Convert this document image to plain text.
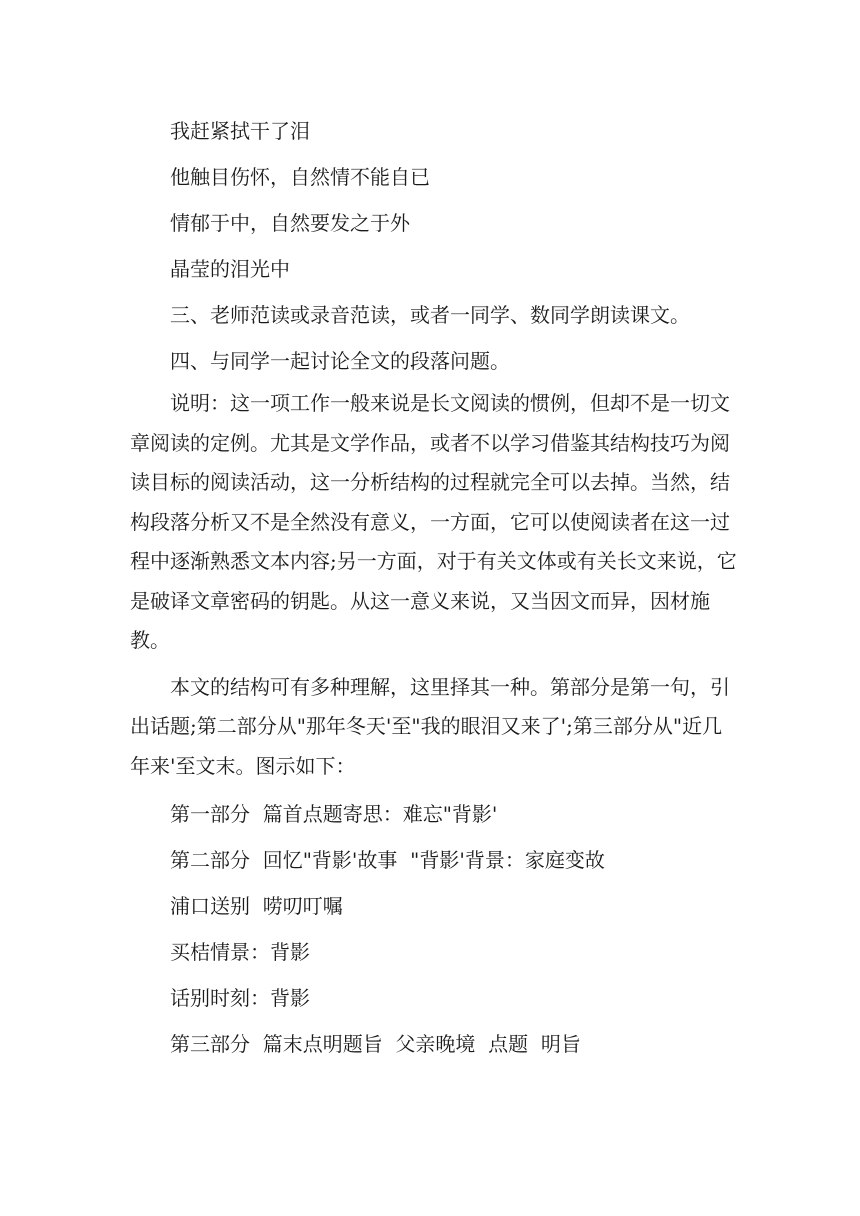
我赶紧拭干了泪

他触目伤怀，自然情不能自已

情郁于中，自然要发之于外

晶莹的泪光中

三、老师范读或录音范读，或者一同学、数同学朗读课文。

四、与同学一起讨论全文的段落问题。

说明：这一项工作一般来说是长文阅读的惯例，但却不是一切文章阅读的定例。尤其是文学作品，或者不以学习借鉴其结构技巧为阅读目标的阅读活动，这一分析结构的过程就完全可以去掉。当然，结构段落分析又不是全然没有意义，一方面，它可以使阅读者在这一过程中逐渐熟悉文本内容;另一方面，对于有关文体或有关长文来说，它是破译文章密码的钥匙。从这一意义来说，又当因文而异，因材施教。

本文的结构可有多种理解，这里择其一种。第部分是第一句，引出话题;第二部分从"那年冬天'至"我的眼泪又来了';第三部分从"近几年来'至文末。图示如下：

第一部分  篇首点题寄思：难忘"背影'

第二部分  回忆"背影'故事  "背影'背景：家庭变故

浦口送别  唠叨叮嘱

买桔情景：背影

话别时刻：背影

第三部分  篇末点明题旨  父亲晚境  点题  明旨
